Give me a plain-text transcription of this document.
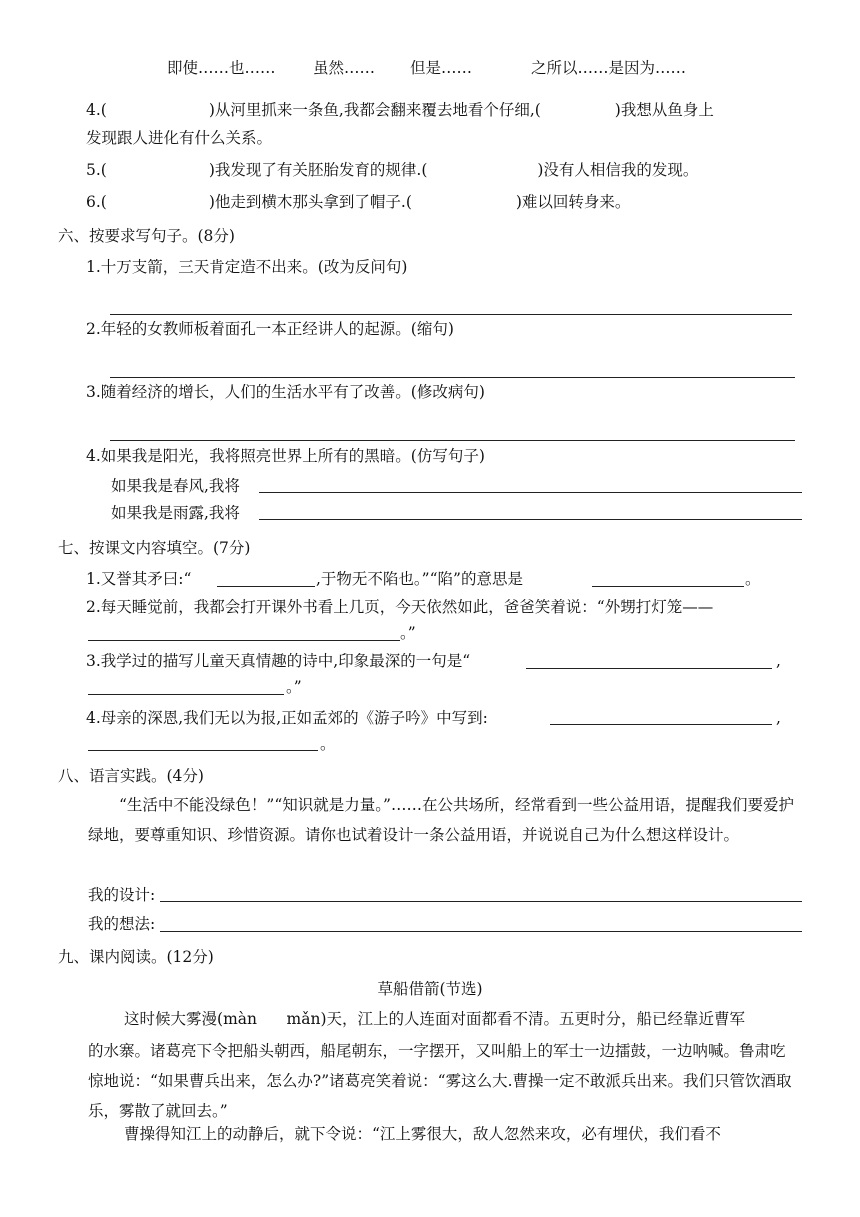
即使……也…… 虽然…… 但是……	之所以……是因为……
4.(	)从河里抓来一条鱼,我都会翻来覆去地看个仔细,(	)我想从鱼身上
发现跟人进化有什么关系。
5.(	)我发现了有关胚胎发育的规律.(	)没有人相信我的发现。
6.(	)他走到横木那头拿到了帽子.(	)难以回转身来。
六、按要求写句子。(8分)
1.十万支箭，三天肯定造不出来。(改为反问句)
2.年轻的女教师板着面孔一本正经讲人的起源。(缩句)
3.随着经济的增长，人们的生活水平有了改善。(修改病句)
4.如果我是阳光，我将照亮世界上所有的黑暗。(仿写句子)
如果我是春风,我将
如果我是雨露,我将
七、按课文内容填空。(7分)
1.又誉其矛曰:“	,于物无不陷也。”“陷”的意思是	。
2.每天睡觉前，我都会打开课外书看上几页，今天依然如此，爸爸笑着说：“外甥打灯笼——
。”
3.我学过的描写儿童天真情趣的诗中,印象最深的一句是“	,
。”
4.母亲的深恩,我们无以为报,正如孟郊的《游子吟》中写到:	,
。
八、语言实践。(4分)
“生活中不能没绿色！”“知识就是力量。”……在公共场所，经常看到一些公益用语，提醒我们要爱护绿地，要尊重知识、珍惜资源。请你也试着设计一条公益用语，并说说自己为什么想这样设计。
我的设计:
我的想法:
九、课内阅读。(12分)
草船借箭(节选)
这时候大雾漫(màn      mǎn)天，江上的人连面对面都看不清。五更时分，船已经靠近曹军
的水寨。诸葛亮下令把船头朝西，船尾朝东，一字摆开，又叫船上的军士一边擂鼓，一边呐喊。鲁肃吃惊地说：“如果曹兵出来，怎么办?”诸葛亮笑着说：“雾这么大.曹操一定不敢派兵出来。我们只管饮酒取乐，雾散了就回去。”
曹操得知江上的动静后，就下令说：“江上雾很大，敌人忽然来攻，必有埋伏，我们看不
